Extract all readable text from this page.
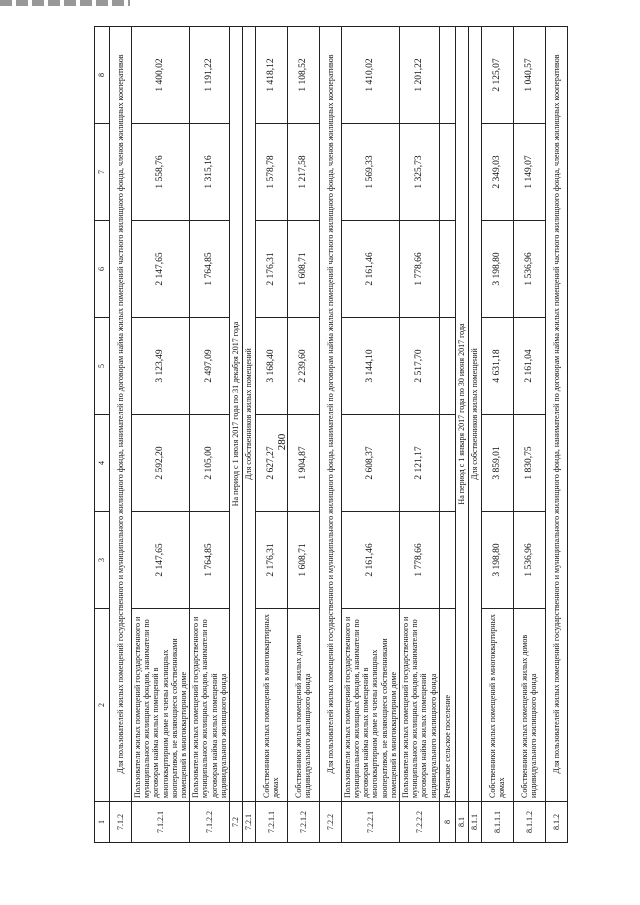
280
1	2	3	4	5	6	7	8
7.1.2	Для пользователей жилых помещений государственного и муниципального жилищного фонда, нанимателей по договорам найма жилых помещений частного жилищного фонда, членов жилищных кооперативов						
7.1.2.1	Пользователи жилых помещений государственного и муниципального жилищных фондов, наниматели по договорам найма жилых помещений в многоквартирном доме и члены жилищных кооперативов, не являющиеся собственниками помещений в многоквартирном доме	2 147,65	2 592,20	3 123,49	2 147,65	1 558,76	1 400,02
7.1.2.2	Пользователи жилых помещений государственного и муниципального жилищных фондов, наниматели по договорам найма жилых помещений индивидуального жилищного фонда	1 764,85	2 105,00	2 497,09	1 764,85	1 315,16	1 191,22
7.2	На период с 1 июля 2017 года по 31 декабря 2017 года						
7.2.1	Для собственников жилых помещений						
7.2.1.1	Собственники жилых помещений в многоквартирных домах	2 176,31	2 627,27	3 168,40	2 176,31	1 578,78	1 418,12
7.2.1.2	Собственники жилых помещений жилых домов индивидуального жилищного фонда	1 608,71	1 904,87	2 239,60	1 608,71	1 217,58	1 108,52
7.2.2	Для пользователей жилых помещений государственного и муниципального жилищного фонда, нанимателей по договорам найма жилых помещений частного жилищного фонда, членов жилищных кооперативов						
7.2.2.1	Пользователи жилых помещений государственного и муниципального жилищных фондов, наниматели по договорам найма жилых помещений в многоквартирном доме и члены жилищных кооперативов, не являющиеся собственниками помещений в многоквартирном доме	2 161,46	2 608,37	3 144,10	2 161,46	1 569,33	1 410,02
7.2.2.2	Пользователи жилых помещений государственного и муниципального жилищных фондов, наниматели по договорам найма жилых помещений индивидуального жилищного фонда	1 778,66	2 121,17	2 517,70	1 778,66	1 325,73	1 201,22
8	Реченское сельское поселение						
8.1	На период с 1 января 2017 года по 30 июня 2017 года						
8.1.1	Для собственников жилых помещений						
8.1.1.1	Собственники жилых помещений в многоквартирных домах	3 198,80	3 859,01	4 631,18	3 198,80	2 349,03	2 125,07
8.1.1.2	Собственники жилых помещений жилых домов индивидуального жилищного фонда	1 536,96	1 830,75	2 161,04	1 536,96	1 149,07	1 040,57
8.1.2	Для пользователей жилых помещений государственного и муниципального жилищного фонда, нанимателей по договорам найма жилых помещений частного жилищного фонда, членов жилищных кооперативов						
